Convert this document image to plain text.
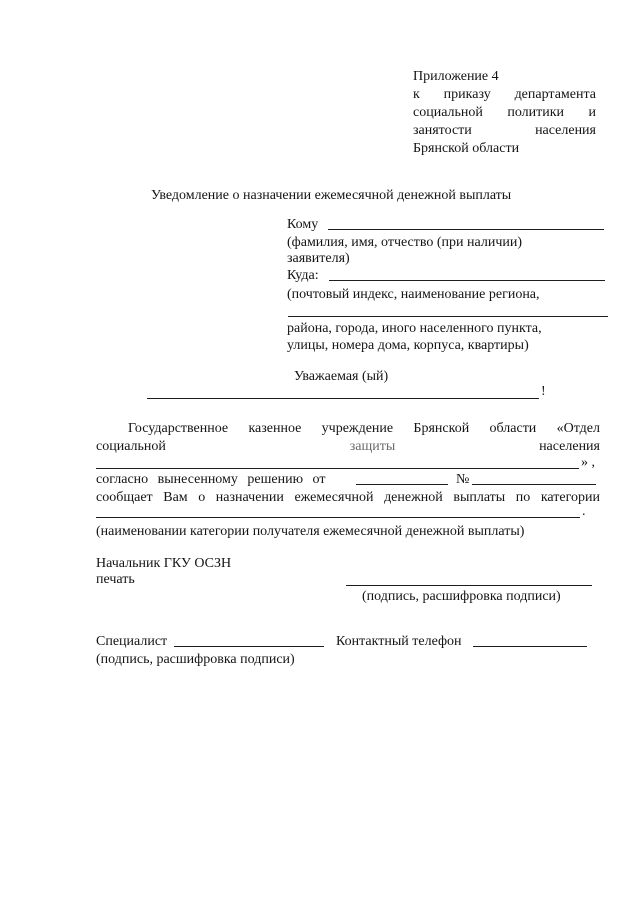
Приложение 4
к приказу департамента
социальной политики и
занятости	населения
Брянской области
Уведомление о назначении ежемесячной денежной выплаты
Кому
(фамилия, имя, отчество (при наличии)
заявителя)
Куда:
(почтовый индекс, наименование региона,
района, города, иного населенного пункта,
улицы, номера дома, корпуса, квартиры)
Уважаемая (ый)
!
Государственное казенное учреждение Брянской области «Отдел
социальной	защиты	населения
» ,
согласно вынесенному решению от	№
сообщает Вам о назначении ежемесячной денежной выплаты по категории
.
(наименовании категории получателя ежемесячной денежной выплаты)
Начальник ГКУ ОСЗН
печать
(подпись, расшифровка подписи)
Специалист	Контактный телефон
(подпись, расшифровка подписи)
